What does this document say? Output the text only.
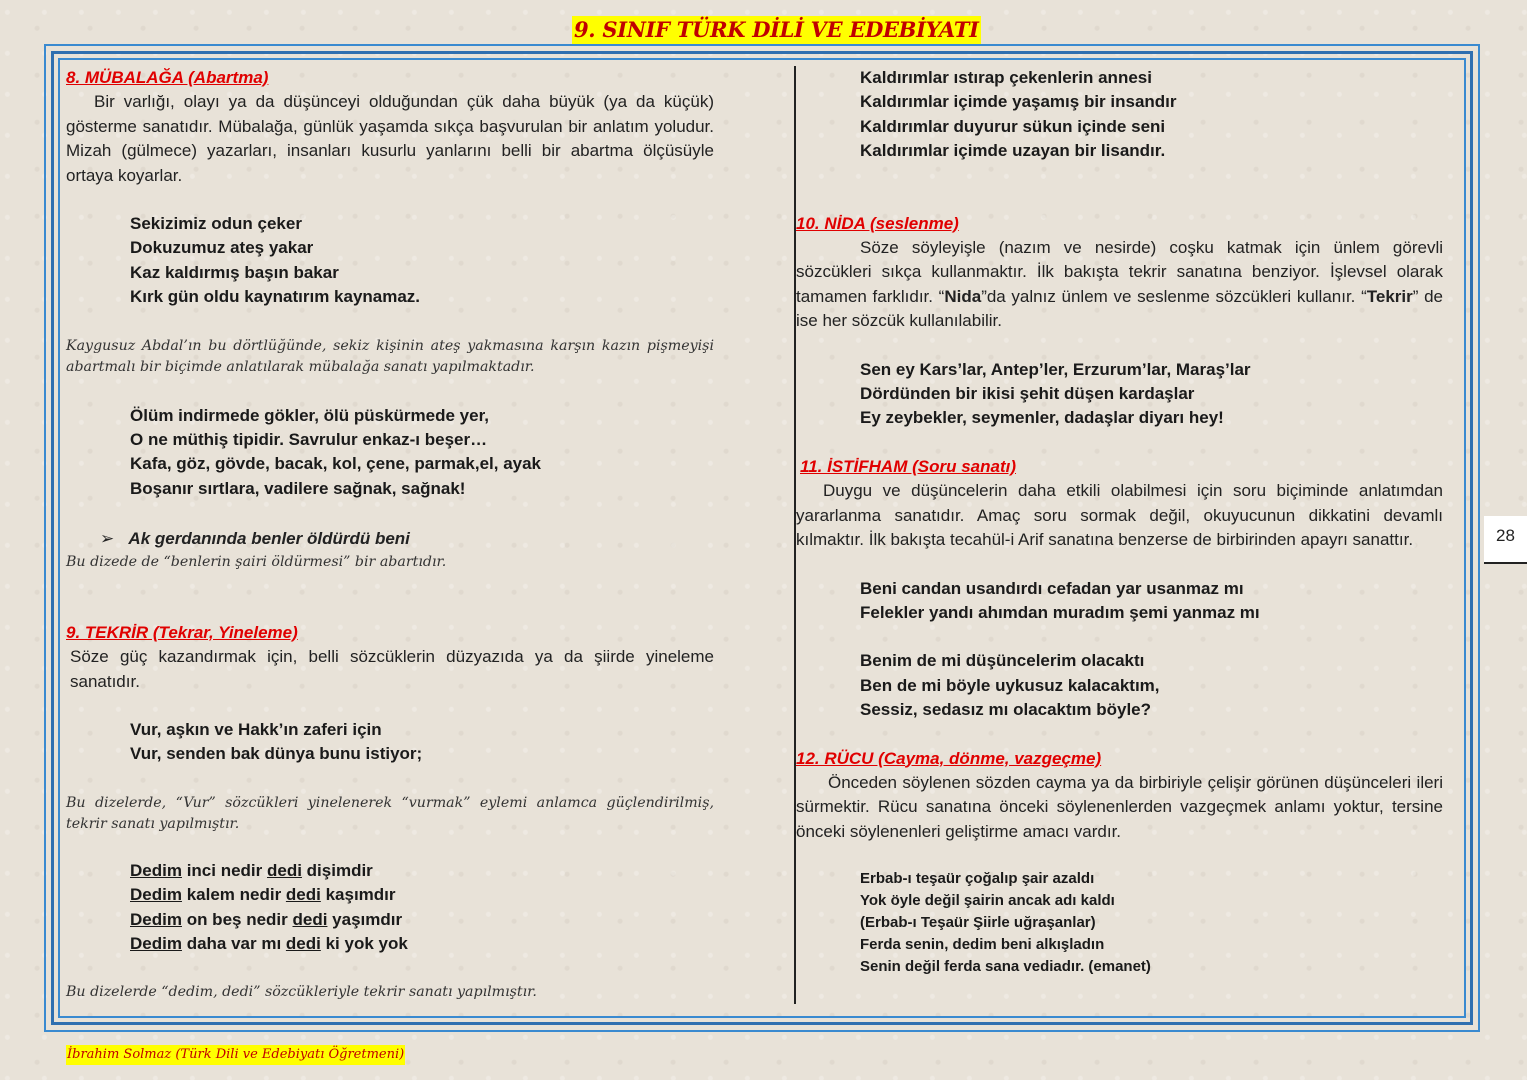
9. SINIF TÜRK DİLİ VE EDEBİYATI

8. MÜBALAĞA (Abartma)

Bir varlığı, olayı ya da düşünceyi olduğundan çük daha büyük (ya da küçük) gösterme sanatıdır. Mübalağa, günlük yaşamda sıkça başvurulan bir anlatım yoludur. Mizah (gülmece) yazarları, insanları kusurlu yanlarını belli bir abartma ölçüsüyle ortaya koyarlar.

Sekizimiz odun çeker

Dokuzumuz ateş yakar

Kaz kaldırmış başın bakar

Kırk gün oldu kaynatırım kaynamaz.

Kaygusuz Abdal’ın bu dörtlüğünde, sekiz kişinin ateş yakmasına karşın kazın pişmeyişi abartmalı bir biçimde anlatılarak mübalağa sanatı yapılmaktadır.

Ölüm indirmede gökler, ölü püskürmede yer,

O ne müthiş tipidir. Savrulur enkaz-ı beşer…

Kafa, göz, gövde, bacak, kol, çene, parmak,el, ayak

Boşanır sırtlara, vadilere sağnak, sağnak!

➢   Ak gerdanında benler öldürdü beni

Bu dizede de “benlerin şairi öldürmesi” bir abartıdır.

9. TEKRİR (Tekrar, Yineleme)

Söze güç kazandırmak için, belli sözcüklerin düzyazıda ya da şiirde yineleme sanatıdır.

Vur, aşkın ve Hakk’ın zaferi için

Vur, senden bak dünya bunu istiyor;

Bu dizelerde, “Vur” sözcükleri yinelenerek “vurmak” eylemi anlamca güçlendirilmiş, tekrir sanatı yapılmıştır.

Dedim inci nedir dedi dişimdir

Dedim kalem nedir dedi kaşımdır

Dedim on beş nedir dedi yaşımdır

Dedim daha var mı dedi ki yok yok

Bu dizelerde “dedim, dedi” sözcükleriyle tekrir sanatı yapılmıştır.

Kaldırımlar ıstırap çekenlerin annesi

Kaldırımlar içimde yaşamış bir insandır

Kaldırımlar duyurur sükun içinde seni

Kaldırımlar içimde uzayan bir lisandır.

10. NİDA (seslenme)

Söze söyleyişle (nazım ve nesirde) coşku katmak için ünlem görevli sözcükleri sıkça kullanmaktır. İlk bakışta tekrir sanatına benziyor. İşlevsel olarak tamamen farklıdır. “Nida”da yalnız ünlem ve seslenme sözcükleri kullanır. “Tekrir” de ise her sözcük kullanılabilir.

Sen ey Kars’lar, Antep’ler, Erzurum’lar, Maraş’lar

Dördünden bir ikisi şehit düşen kardaşlar

Ey zeybekler, seymenler, dadaşlar diyarı hey!

11. İSTİFHAM (Soru sanatı)

Duygu ve düşüncelerin daha etkili olabilmesi için soru biçiminde anlatımdan yararlanma sanatıdır. Amaç soru sormak değil, okuyucunun dikkatini devamlı kılmaktır. İlk bakışta tecahül-i Arif sanatına benzerse de birbirinden apayrı sanattır.

Beni candan usandırdı cefadan yar usanmaz mı

Felekler yandı ahımdan muradım şemi yanmaz mı

Benim de mi düşüncelerim olacaktı

Ben de mi böyle uykusuz kalacaktım,

Sessiz, sedasız mı olacaktım böyle?

12. RÜCU (Cayma, dönme, vazgeçme)

Önceden söylenen sözden cayma ya da birbiriyle çelişir görünen düşünceleri ileri sürmektir. Rücu sanatına önceki söylenenlerden vazgeçmek anlamı yoktur, tersine önceki söylenenleri geliştirme amacı vardır.

Erbab-ı teşaür çoğalıp şair azaldı

Yok öyle değil şairin ancak adı kaldı

(Erbab-ı Teşaür Şiirle uğraşanlar)

Ferda senin, dedim beni alkışladın

Senin değil ferda sana vediadır. (emanet)

28
İbrahim Solmaz (Türk Dili ve Edebiyatı Öğretmeni)
